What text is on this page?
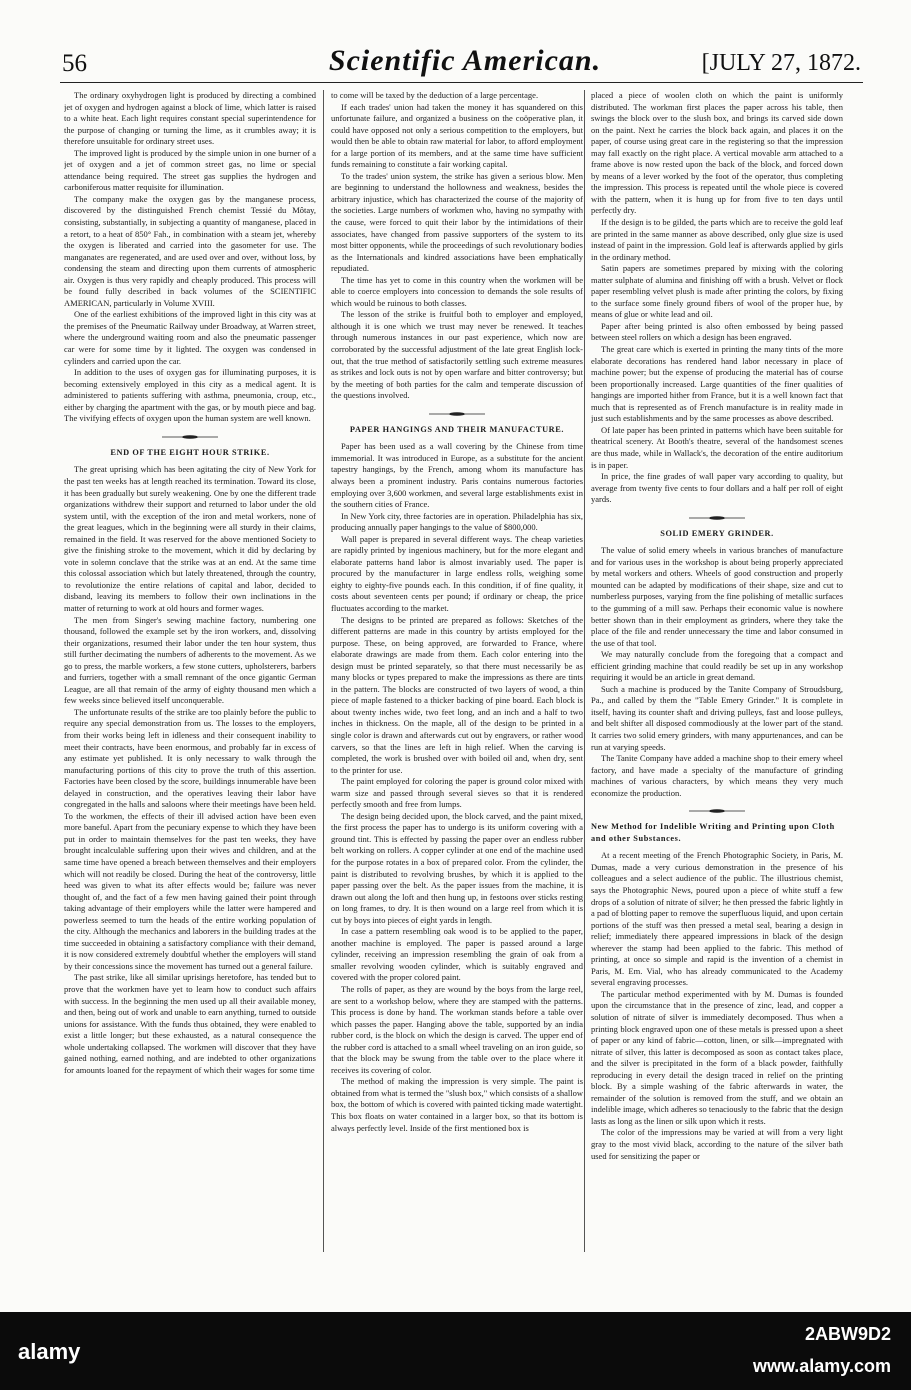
56	Scientific American.	[JULY 27, 1872.

The ordinary oxyhydrogen light is produced by directing a combined jet of oxygen and hydrogen against a block of lime, which latter is raised to a white heat. Each light requires constant special superintendence for the purpose of changing or turning the lime, as it crumbles away; it is therefore unsuitable for ordinary street uses.

The improved light is produced by the simple union in one burner of a jet of oxygen and a jet of common street gas, no lime or special attendance being required. The street gas supplies the hydrogen and carboniferous matter requisite for illumination.

The company make the oxygen gas by the manganese process, discovered by the distinguished French chemist Tessié du Môtay, consisting, substantially, in subjecting a quantity of manganese, placed in a retort, to a heat of 850° Fah., in combination with a steam jet, whereby the oxygen is liberated and carried into the gasometer for use. The manganates are regenerated, and are used over and over, without loss, by condensing the steam and directing upon them currents of atmospheric air. Oxygen is thus very rapidly and cheaply produced. This process will be found fully described in back volumes of the SCIENTIFIC AMERICAN, particularly in Volume XVIII.

One of the earliest exhibitions of the improved light in this city was at the premises of the Pneumatic Railway under Broadway, at Warren street, where the underground waiting room and also the pneumatic passenger car were for some time by it lighted. The oxygen was condensed in cylinders and carried upon the car.

In addition to the uses of oxygen gas for illuminating purposes, it is becoming extensively employed in this city as a medical agent. It is administered to patients suffering with asthma, pneumonia, croup, etc., either by charging the apartment with the gas, or by mouth piece and bag. The vivifying effects of oxygen upon the human system are well known.

END OF THE EIGHT HOUR STRIKE.

The great uprising which has been agitating the city of New York for the past ten weeks has at length reached its termination. Toward its close, it has been gradually but surely weakening. One by one the different trade organizations withdrew their support and returned to labor under the old system until, with the exception of the iron and metal workers, none of the great leagues, which in the beginning were all sturdy in their claims, remained in the field. It was reserved for the above mentioned Society to give the finishing stroke to the movement, which it did by declaring by vote in solemn conclave that the strike was at an end. At the same time this colossal association which but lately threatened, through the country, to revolutionize the entire relations of capital and labor, decided to disband, leaving its members to follow their own inclinations in the matter of returning to work at old hours and former wages.

The men from Singer's sewing machine factory, numbering one thousand, followed the example set by the iron workers, and, dissolving their organizations, resumed their labor under the ten hour system, thus still further decimating the numbers of adherents to the movement. As we go to press, the marble workers, a few stone cutters, upholsterers, barbers and furriers, together with a small remnant of the once gigantic German League, are all that remain of the army of eighty thousand men which a few weeks since believed itself unconquerable.

The unfortunate results of the strike are too plainly before the public to require any special demonstration from us. The losses to the employers, from their works being left in idleness and their consequent inability to meet their contracts, have been enormous, and probably far in excess of any estimate yet published. It is only necessary to walk through the manufacturing portions of this city to prove the truth of this assertion. Factories have been closed by the score, buildings innumerable have been delayed in construction, and the operatives leaving their labor have congregated in the halls and saloons where their meetings have been held. To the workmen, the effects of their ill advised action have been even more baneful. Apart from the pecuniary expense to which they have been put in order to maintain themselves for the past ten weeks, they have brought incalculable suffering upon their wives and children, and at the same time have opened a breach between themselves and their employers which will not readily be closed. During the heat of the controversy, little heed was given to what its after effects would be; failure was never thought of, and the fact of a few men having gained their point through taking advantage of their employers while the latter were hampered and powerless seemed to turn the heads of the entire working population of the city. Although the mechanics and laborers in the building trades at the time succeeded in obtaining a satisfactory compliance with their demand, it is now considered extremely doubtful whether the employers will stand by their concessions since the movement has turned out a general failure.

The past strike, like all similar uprisings heretofore, has tended but to prove that the workmen have yet to learn how to conduct such affairs with success. In the beginning the men used up all their available money, and then, being out of work and unable to earn anything, turned to outside unions for assistance. With the funds thus obtained, they were enabled to exist a little longer; but these exhausted, as a natural consequence the whole undertaking collapsed. The workmen will discover that they have gained nothing, earned nothing, and are indebted to other organizations for amounts loaned for the repayment of which their wages for some time

to come will be taxed by the deduction of a large percentage.

If each trades' union had taken the money it has squandered on this unfortunate failure, and organized a business on the coöperative plan, it could have opposed not only a serious competition to the employers, but would then be able to obtain raw material for labor, to afford employment for a large portion of its members, and at the same time have sufficient funds remaining to constitute a fair working capital.

To the trades' union system, the strike has given a serious blow. Men are beginning to understand the hollowness and weakness, besides the arbitrary injustice, which has characterized the course of the majority of the societies. Large numbers of workmen who, having no sympathy with the cause, were forced to quit their labor by the intimidations of their associates, have changed from passive supporters of the system to its most bitter opponents, while the proceedings of such revolutionary bodies as the Internationals and kindred associations have been emphatically repudiated.

The time has yet to come in this country when the workmen will be able to coerce employers into concession to demands the sole results of which would be ruinous to both classes.

The lesson of the strike is fruitful both to employer and employed, although it is one which we trust may never be renewed. It teaches through numerous instances in our past experience, which now are corroborated by the successful adjustment of the late great English lock-out, that the true method of satisfactorily settling such extreme measures as strikes and lock outs is not by open warfare and bitter controversy; but by the meeting of both parties for the calm and temperate discussion of the questions involved.

PAPER HANGINGS AND THEIR MANUFACTURE.

Paper has been used as a wall covering by the Chinese from time immemorial. It was introduced in Europe, as a substitute for the ancient tapestry hangings, by the French, among whom its manufacture has always been a prominent industry. Paris contains numerous factories employing over 3,600 workmen, and several large establishments exist in the southern cities of France.

In New York city, three factories are in operation. Philadelphia has six, producing annually paper hangings to the value of $800,000.

Wall paper is prepared in several different ways. The cheap varieties are rapidly printed by ingenious machinery, but for the more elegant and elaborate patterns hand labor is almost invariably used. The paper is procured by the manufacturer in large endless rolls, weighing some eighty to eighty-five pounds each. In this condition, if of fine quality, it costs about seventeen cents per pound; if ordinary or cheap, the price fluctuates according to the market.

The designs to be printed are prepared as follows: Sketches of the different patterns are made in this country by artists employed for the purpose. These, on being approved, are forwarded to France, where elaborate drawings are made from them. Each color entering into the design must be printed separately, so that there must necessarily be as many blocks or types prepared to make the impressions as there are tints in the pattern. The blocks are constructed of two layers of wood, a thin piece of maple fastened to a thicker backing of pine board. Each block is about twenty inches wide, two feet long, and an inch and a half to two inches in thickness. On the maple, all of the design to be printed in a single color is drawn and afterwards cut out by engravers, or rather wood carvers, so that the lines are left in high relief. When the carving is completed, the work is brushed over with boiled oil and, when dry, sent to the printer for use.

The paint employed for coloring the paper is ground color mixed with warm size and passed through several sieves so that it is rendered perfectly smooth and free from lumps.

The design being decided upon, the block carved, and the paint mixed, the first process the paper has to undergo is its uniform covering with a ground tint. This is effected by passing the paper over an endless rubber belt working on rollers. A copper cylinder at one end of the machine used for the purpose rotates in a box of prepared color. From the cylinder, the paint is distributed to revolving brushes, by which it is applied to the paper passing over the belt. As the paper issues from the machine, it is drawn out along the loft and then hung up, in festoons over sticks resting on long frames, to dry. It is then wound on a large reel from which it is cut by boys into pieces of eight yards in length.

In case a pattern resembling oak wood is to be applied to the paper, another machine is employed. The paper is passed around a large cylinder, receiving an impression resembling the grain of oak from a smaller revolving wooden cylinder, which is suitably engraved and covered with the proper colored paint.

The rolls of paper, as they are wound by the boys from the large reel, are sent to a workshop below, where they are stamped with the patterns. This process is done by hand. The workman stands before a table over which passes the paper. Hanging above the table, supported by an india rubber cord, is the block on which the design is carved. The upper end of the rubber cord is attached to a small wheel traveling on an iron guide, so that the block may be swung from the table over to the place where it receives its covering of color.

The method of making the impression is very simple. The paint is obtained from what is termed the "slush box," which consists of a shallow box, the bottom of which is covered with painted ticking made watertight. This box floats on water contained in a larger box, so that its bottom is always perfectly level. Inside of the first mentioned box is

placed a piece of woolen cloth on which the paint is uniformly distributed. The workman first places the paper across his table, then swings the block over to the slush box, and brings its carved side down on the paint. Next he carries the block back again, and places it on the paper, of course using great care in the registering so that the impression may fall exactly on the right place. A vertical movable arm attached to a frame above is now rested upon the back of the block, and forced down by means of a lever worked by the foot of the operator, thus completing the impression. This process is repeated until the whole piece is covered with the pattern, when it is hung up for from five to ten days until perfectly dry.

If the design is to be gilded, the parts which are to receive the gold leaf are printed in the same manner as above described, only glue size is used instead of paint in the impression. Gold leaf is afterwards applied by girls in the ordinary method.

Satin papers are sometimes prepared by mixing with the coloring matter sulphate of alumina and finishing off with a brush. Velvet or flock paper resembling velvet plush is made after printing the colors, by fixing to the surface some finely ground fibers of wool of the proper hue, by means of glue or white lead and oil.

Paper after being printed is also often embossed by being passed between steel rollers on which a design has been engraved.

The great care which is exerted in printing the many tints of the more elaborate decorations has rendered hand labor necessary in place of machine power; but the expense of producing the material has of course been proportionally increased. Large quantities of the finer qualities of hangings are imported hither from France, but it is a well known fact that much that is represented as of French manufacture is in reality made in just such establishments and by the same processes as above described.

Of late paper has been printed in patterns which have been suitable for theatrical scenery. At Booth's theatre, several of the handsomest scenes are thus made, while in Wallack's, the decoration of the entire auditorium is in paper.

In price, the fine grades of wall paper vary according to quality, but average from twenty five cents to four dollars and a half per roll of eight yards.

SOLID EMERY GRINDER.

The value of solid emery wheels in various branches of manufacture and for various uses in the workshop is about being properly appreciated by metal workers and others. Wheels of good construction and properly mounted can be adapted by modifications of their shape, size and cut to numberless purposes, varying from the fine polishing of metallic surfaces to the gumming of a mill saw. Perhaps their economic value is nowhere better shown than in their employment as grinders, where they take the place of the file and render unnecessary the time and labor consumed in the use of that tool.

We may naturally conclude from the foregoing that a compact and efficient grinding machine that could readily be set up in any workshop requiring it would be an article in great demand.

Such a machine is produced by the Tanite Company of Stroudsburg, Pa., and called by them the "Table Emery Grinder." It is complete in itself, having its counter shaft and driving pulleys, fast and loose pulleys, and belt shifter all disposed commodiously at the lower part of the stand. It carries two solid emery grinders, with many appurtenances, and can be run at varying speeds.

The Tanite Company have added a machine shop to their emery wheel factory, and have made a specialty of the manufacture of grinding machines of various characters, by which means they very much economize the production.

New Method for Indelible Writing and Printing upon Cloth and other Substances.

At a recent meeting of the French Photographic Society, in Paris, M. Dumas, made a very curious demonstration in the presence of his colleagues and a select audience of the public. The illustrious chemist, says the Photographic News, poured upon a piece of white stuff a few drops of a solution of nitrate of silver; he then pressed the fabric lightly in a pad of blotting paper to remove the superfluous liquid, and upon certain portions of the stuff was then pressed a metal seal, bearing a design in relief; immediately there appeared impressions in black of the design wherever the stamp had been applied to the fabric. This method of printing, at once so simple and rapid is the invention of a chemist in Paris, M. Em. Vial, who has already communicated to the Academy several engraving processes.

The particular method experimented with by M. Dumas is founded upon the circumstance that in the presence of zinc, lead, and copper a solution of nitrate of silver is immediately decomposed. Thus when a printing block engraved upon one of these metals is pressed upon a sheet of paper or any kind of fabric—cotton, linen, or silk—impregnated with nitrate of silver, this latter is decomposed as soon as contact takes place, and the silver is precipitated in the form of a black powder, faithfully reproducing in every detail the design traced in relief on the printing block. By a simple washing of the fabric afterwards in water, the remainder of the solution is removed from the stuff, and we obtain an indelible image, which adheres so tenaciously to the fabric that the design lasts as long as the linen or silk upon which it rests.

The color of the impressions may be varied at will from a very light gray to the most vivid black, according to the nature of the silver bath used for sensitizing the paper or

alamy
2ABW9D2
www.alamy.com
